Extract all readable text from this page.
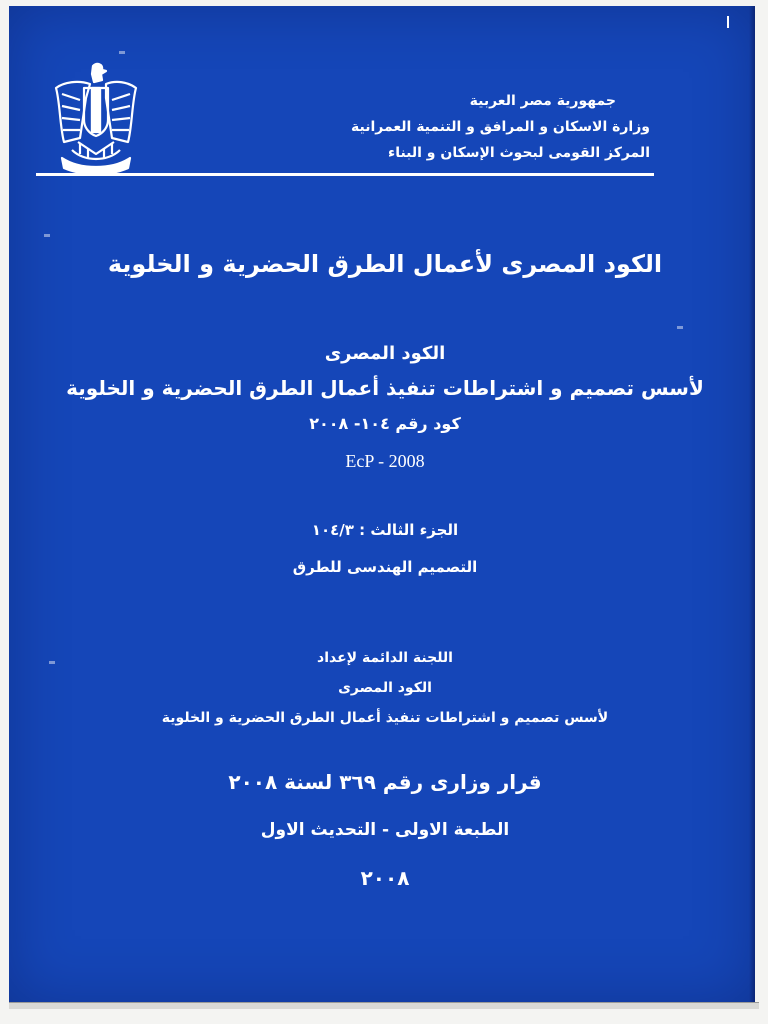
جمهورية مصر العربية
وزارة الاسكان و المرافق و التنمية العمرانية
المركز القومى لبحوث الإسكان و البناء
الكود المصرى لأعمال الطرق الحضرية و الخلوية
الكود المصرى
لأسس تصميم و اشتراطات تنفيذ أعمال الطرق الحضرية و الخلوية
كود رقم ١٠٤- ٢٠٠٨
EcP - 2008
الجزء الثالث : ١٠٤/٣
التصميم الهندسى للطرق
اللجنة الدائمة لإعداد
الكود المصرى
لأسس تصميم و اشتراطات تنفيذ أعمال الطرق الحضرية و الخلوية
قرار وزارى رقم ٣٦٩ لسنة ٢٠٠٨
الطبعة الاولى - التحديث الاول
٢٠٠٨
